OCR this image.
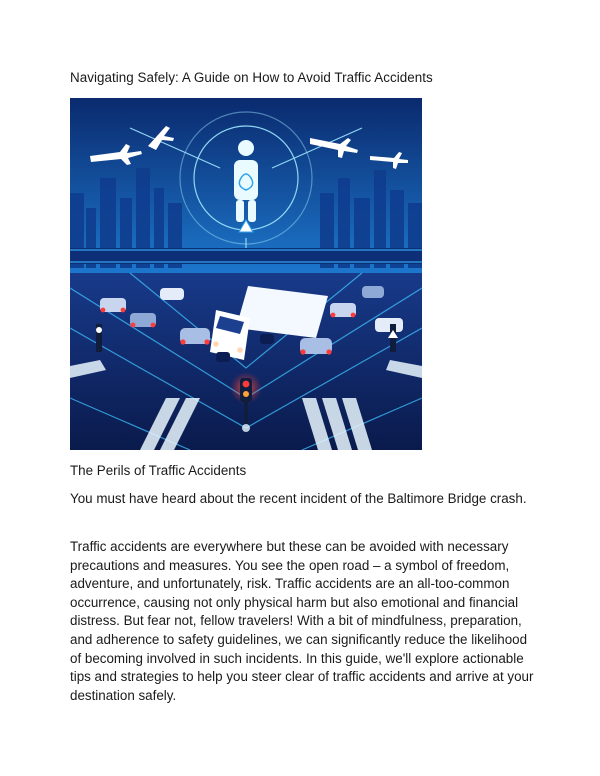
Navigating Safely: A Guide on How to Avoid Traffic Accidents
The Perils of Traffic Accidents

You must have heard about the recent incident of the Baltimore Bridge crash.

Traffic accidents are everywhere but these can be avoided with necessary precautions and measures. You see the open road – a symbol of freedom, adventure, and unfortunately, risk. Traffic accidents are an all-too-common occurrence, causing not only physical harm but also emotional and financial distress. But fear not, fellow travelers! With a bit of mindfulness, preparation, and adherence to safety guidelines, we can significantly reduce the likelihood of becoming involved in such incidents. In this guide, we'll explore actionable tips and strategies to help you steer clear of traffic accidents and arrive at your destination safely.
